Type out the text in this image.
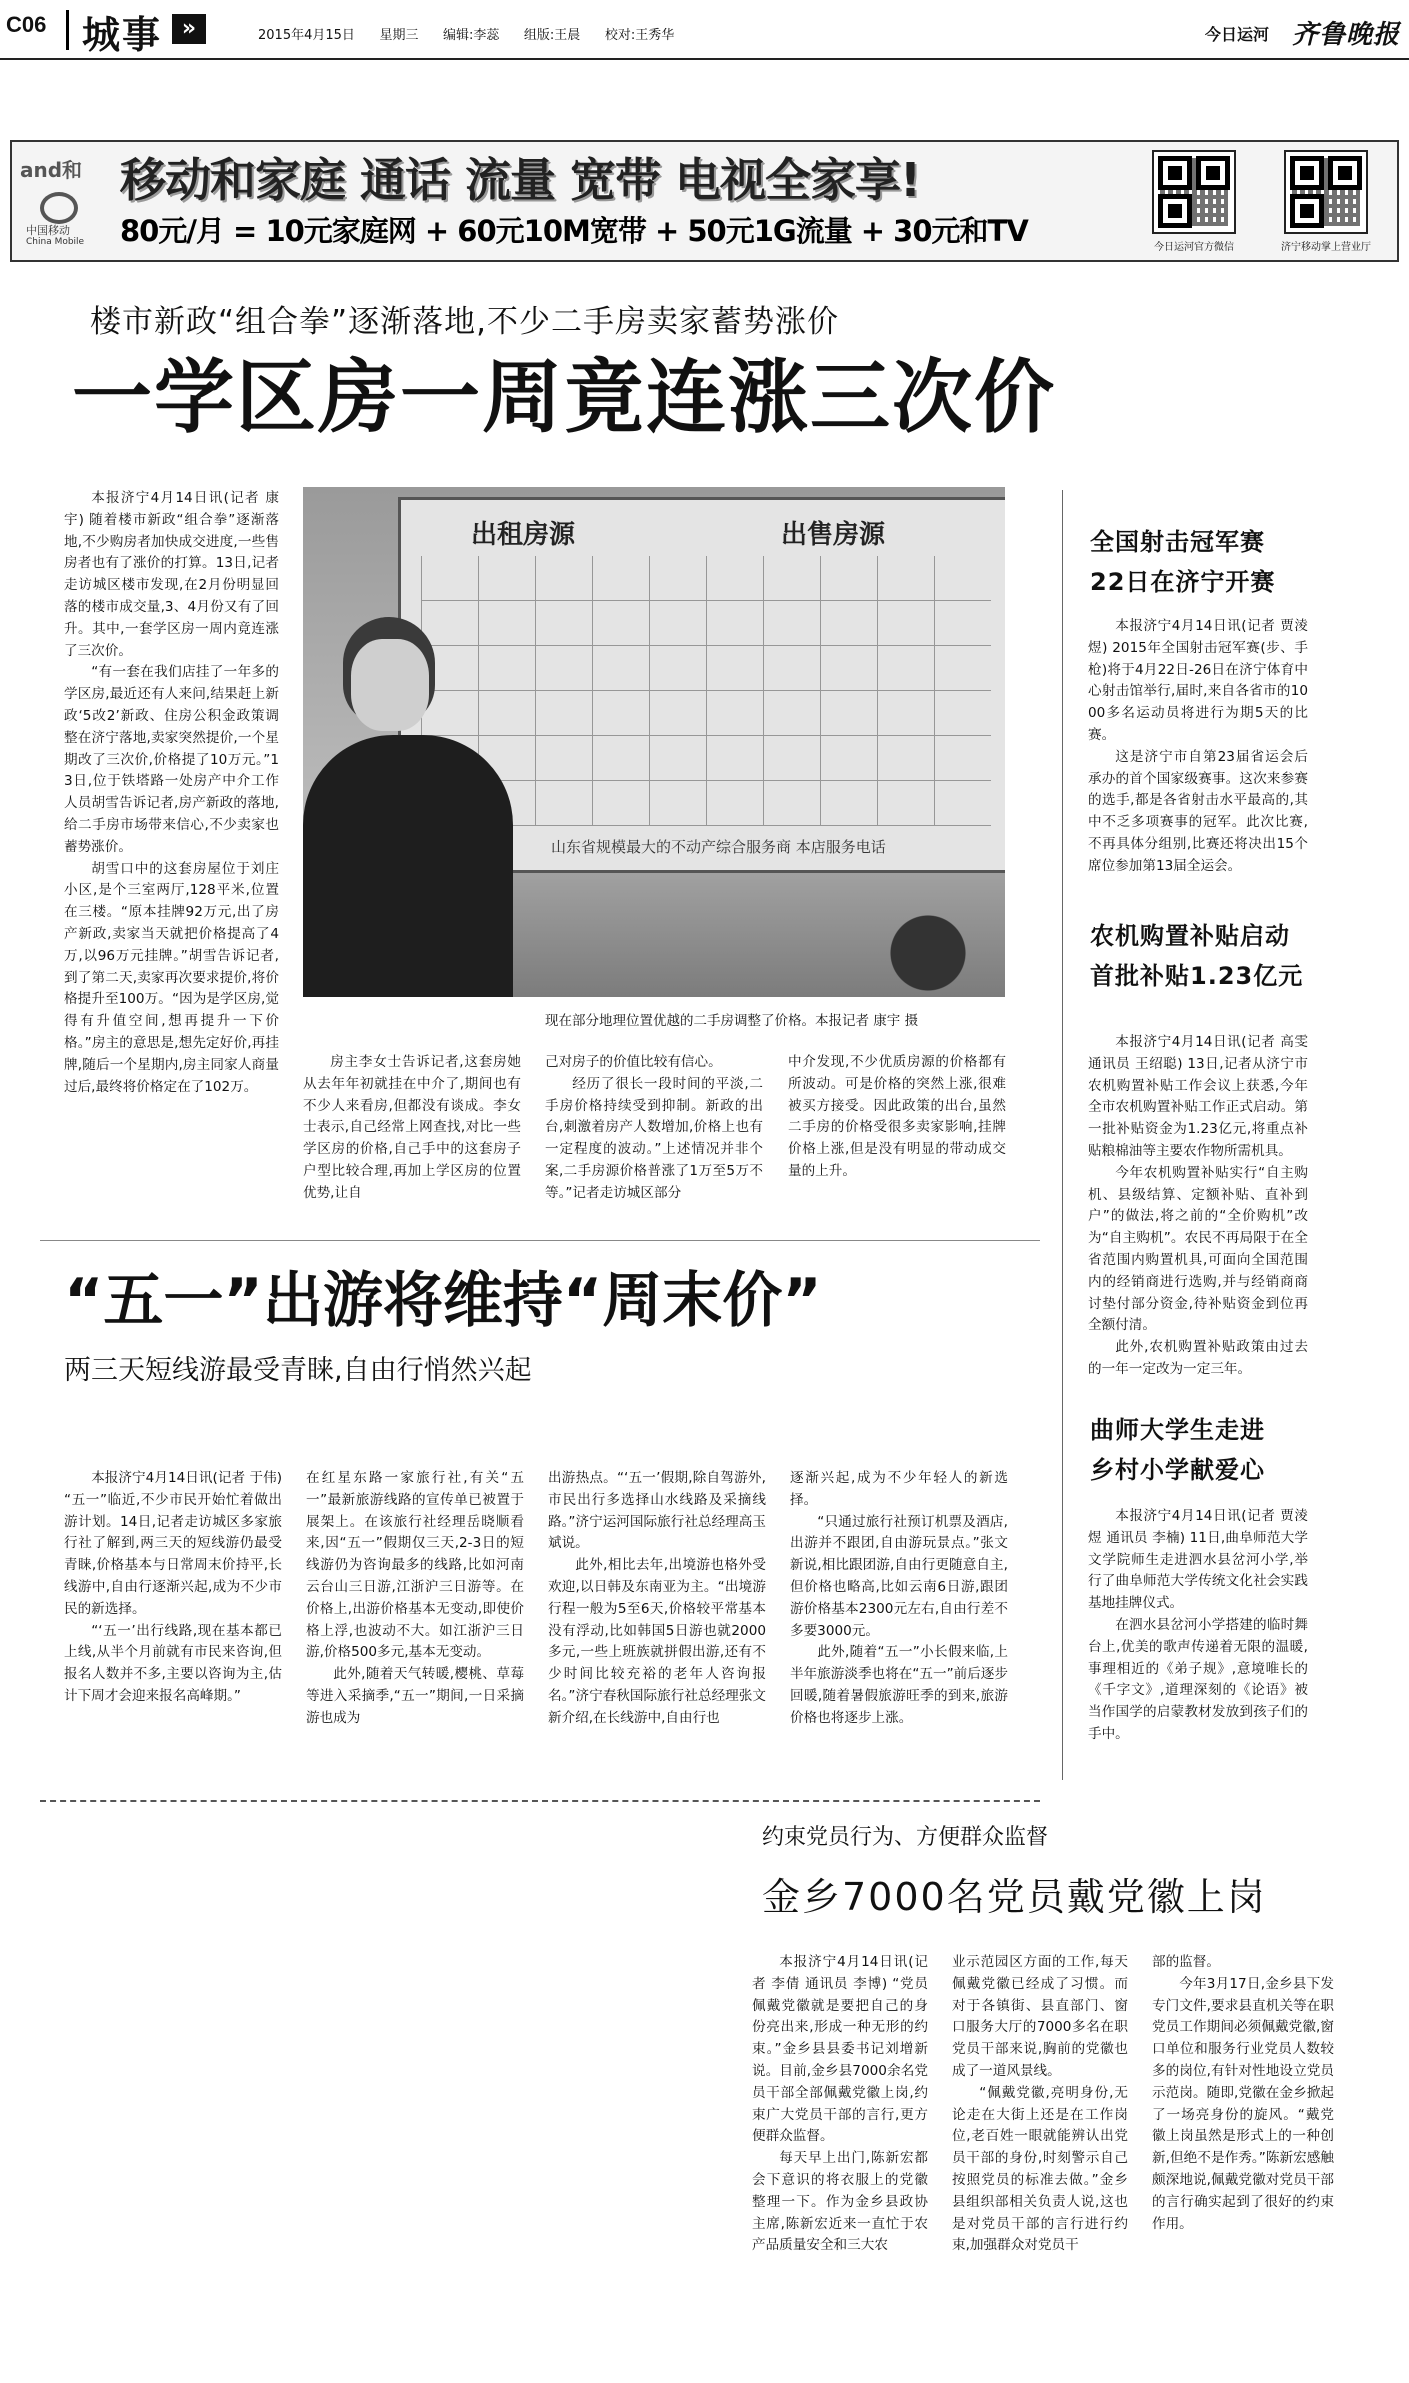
C06 城事 »	2015年4月15日 星期三 编辑:李蕊 组版:王晨 校对:王秀华	今日运河 齐鲁晚报
and和
中国移动
China Mobile
移动和家庭 通话 流量 宽带 电视全家享!
80元/月 = 10元家庭网 + 60元10M宽带 + 50元1G流量 + 30元和TV	今日运河官方微信	济宁移动掌上营业厅
楼市新政“组合拳”逐渐落地,不少二手房卖家蓄势涨价
一学区房一周竟连涨三次价

本报济宁4月14日讯(记者 康宇) 随着楼市新政“组合拳”逐渐落地,不少购房者加快成交进度,一些售房者也有了涨价的打算。13日,记者走访城区楼市发现,在2月份明显回落的楼市成交量,3、4月份又有了回升。其中,一套学区房一周内竟连涨了三次价。

“有一套在我们店挂了一年多的学区房,最近还有人来问,结果赶上新政‘5改2’新政、住房公积金政策调整在济宁落地,卖家突然提价,一个星期改了三次价,价格提了10万元。”13日,位于铁塔路一处房产中介工作人员胡雪告诉记者,房产新政的落地,给二手房市场带来信心,不少卖家也蓄势涨价。

胡雪口中的这套房屋位于刘庄小区,是个三室两厅,128平米,位置在三楼。“原本挂牌92万元,出了房产新政,卖家当天就把价格提高了4万,以96万元挂牌。”胡雪告诉记者,到了第二天,卖家再次要求提价,将价格提升至100万。“因为是学区房,觉得有升值空间,想再提升一下价格。”房主的意思是,想先定好价,再挂牌,随后一个星期内,房主同家人商量过后,最终将价格定在了102万。

出租房源	出售房源
山东省规模最大的不动产综合服务商 本店服务电话
现在部分地理位置优越的二手房调整了价格。本报记者 康宇 摄

房主李女士告诉记者,这套房她从去年年初就挂在中介了,期间也有不少人来看房,但都没有谈成。李女士表示,自己经常上网查找,对比一些学区房的价格,自己手中的这套房子户型比较合理,再加上学区房的位置优势,让自

己对房子的价值比较有信心。

经历了很长一段时间的平淡,二手房价格持续受到抑制。新政的出台,刺激着房产人数增加,价格上也有一定程度的波动。”上述情况并非个案,二手房源价格普涨了1万至5万不等。”记者走访城区部分

中介发现,不少优质房源的价格都有所波动。可是价格的突然上涨,很难被买方接受。因此政策的出台,虽然二手房的价格受很多卖家影响,挂牌价格上涨,但是没有明显的带动成交量的上升。

“五一”出游将维持“周末价”
两三天短线游最受青睐,自由行悄然兴起

本报济宁4月14日讯(记者 于伟) “五一”临近,不少市民开始忙着做出游计划。14日,记者走访城区多家旅行社了解到,两三天的短线游仍最受青睐,价格基本与日常周末价持平,长线游中,自由行逐渐兴起,成为不少市民的新选择。

“‘五一’出行线路,现在基本都已上线,从半个月前就有市民来咨询,但报名人数并不多,主要以咨询为主,估计下周才会迎来报名高峰期。”

在红星东路一家旅行社,有关“五一”最新旅游线路的宣传单已被置于展架上。在该旅行社经理岳晓顺看来,因“五一”假期仅三天,2-3日的短线游仍为咨询最多的线路,比如河南云台山三日游,江浙沪三日游等。在价格上,出游价格基本无变动,即使价格上浮,也波动不大。如江浙沪三日游,价格500多元,基本无变动。

此外,随着天气转暖,樱桃、草莓等进入采摘季,“五一”期间,一日采摘游也成为

出游热点。“‘五一’假期,除自驾游外,市民出行多选择山水线路及采摘线路。”济宁运河国际旅行社总经理高玉斌说。

此外,相比去年,出境游也格外受欢迎,以日韩及东南亚为主。“出境游行程一般为5至6天,价格较平常基本没有浮动,比如韩国5日游也就2000多元,一些上班族就拼假出游,还有不少时间比较充裕的老年人咨询报名。”济宁春秋国际旅行社总经理张文新介绍,在长线游中,自由行也

逐渐兴起,成为不少年轻人的新选择。

“只通过旅行社预订机票及酒店,出游并不跟团,自由游玩景点。”张文新说,相比跟团游,自由行更随意自主,但价格也略高,比如云南6日游,跟团游价格基本2300元左右,自由行差不多要3000元。

此外,随着“五一”小长假来临,上半年旅游淡季也将在“五一”前后逐步回暖,随着暑假旅游旺季的到来,旅游价格也将逐步上涨。

约束党员行为、方便群众监督
金乡7000名党员戴党徽上岗

本报济宁4月14日讯(记者 李倩 通讯员 李博) “党员佩戴党徽就是要把自己的身份亮出来,形成一种无形的约束。”金乡县县委书记刘增新说。目前,金乡县7000余名党员干部全部佩戴党徽上岗,约束广大党员干部的言行,更方便群众监督。

每天早上出门,陈新宏都会下意识的将衣服上的党徽整理一下。作为金乡县政协主席,陈新宏近来一直忙于农产品质量安全和三大农

业示范园区方面的工作,每天佩戴党徽已经成了习惯。而对于各镇街、县直部门、窗口服务大厅的7000多名在职党员干部来说,胸前的党徽也成了一道风景线。

“佩戴党徽,亮明身份,无论走在大街上还是在工作岗位,老百姓一眼就能辨认出党员干部的身份,时刻警示自己按照党员的标准去做。”金乡县组织部相关负责人说,这也是对党员干部的言行进行约束,加强群众对党员干

部的监督。

今年3月17日,金乡县下发专门文件,要求县直机关等在职党员工作期间必须佩戴党徽,窗口单位和服务行业党员人数较多的岗位,有针对性地设立党员示范岗。随即,党徽在金乡掀起了一场亮身份的旋风。“戴党徽上岗虽然是形式上的一种创新,但绝不是作秀。”陈新宏感触颇深地说,佩戴党徽对党员干部的言行确实起到了很好的约束作用。

全国射击冠军赛
22日在济宁开赛

本报济宁4月14日讯(记者 贾淩煜) 2015年全国射击冠军赛(步、手枪)将于4月22日-26日在济宁体育中心射击馆举行,届时,来自各省市的1000多名运动员将进行为期5天的比赛。

这是济宁市自第23届省运会后承办的首个国家级赛事。这次来参赛的选手,都是各省射击水平最高的,其中不乏多项赛事的冠军。此次比赛,不再具体分组别,比赛还将决出15个席位参加第13届全运会。

农机购置补贴启动
首批补贴1.23亿元

本报济宁4月14日讯(记者 高雯 通讯员 王绍聪) 13日,记者从济宁市农机购置补贴工作会议上获悉,今年全市农机购置补贴工作正式启动。第一批补贴资金为1.23亿元,将重点补贴粮棉油等主要农作物所需机具。

今年农机购置补贴实行“自主购机、县级结算、定额补贴、直补到户”的做法,将之前的“全价购机”改为“自主购机”。农民不再局限于在全省范围内购置机具,可面向全国范围内的经销商进行选购,并与经销商商讨垫付部分资金,待补贴资金到位再全额付清。

此外,农机购置补贴政策由过去的一年一定改为一定三年。

曲师大学生走进
乡村小学献爱心

本报济宁4月14日讯(记者 贾淩煜 通讯员 李楠) 11日,曲阜师范大学文学院师生走进泗水县岔河小学,举行了曲阜师范大学传统文化社会实践基地挂牌仪式。

在泗水县岔河小学搭建的临时舞台上,优美的歌声传递着无限的温暖,事理相近的《弟子规》,意境唯长的《千字文》,道理深刻的《论语》被当作国学的启蒙教材发放到孩子们的手中。
